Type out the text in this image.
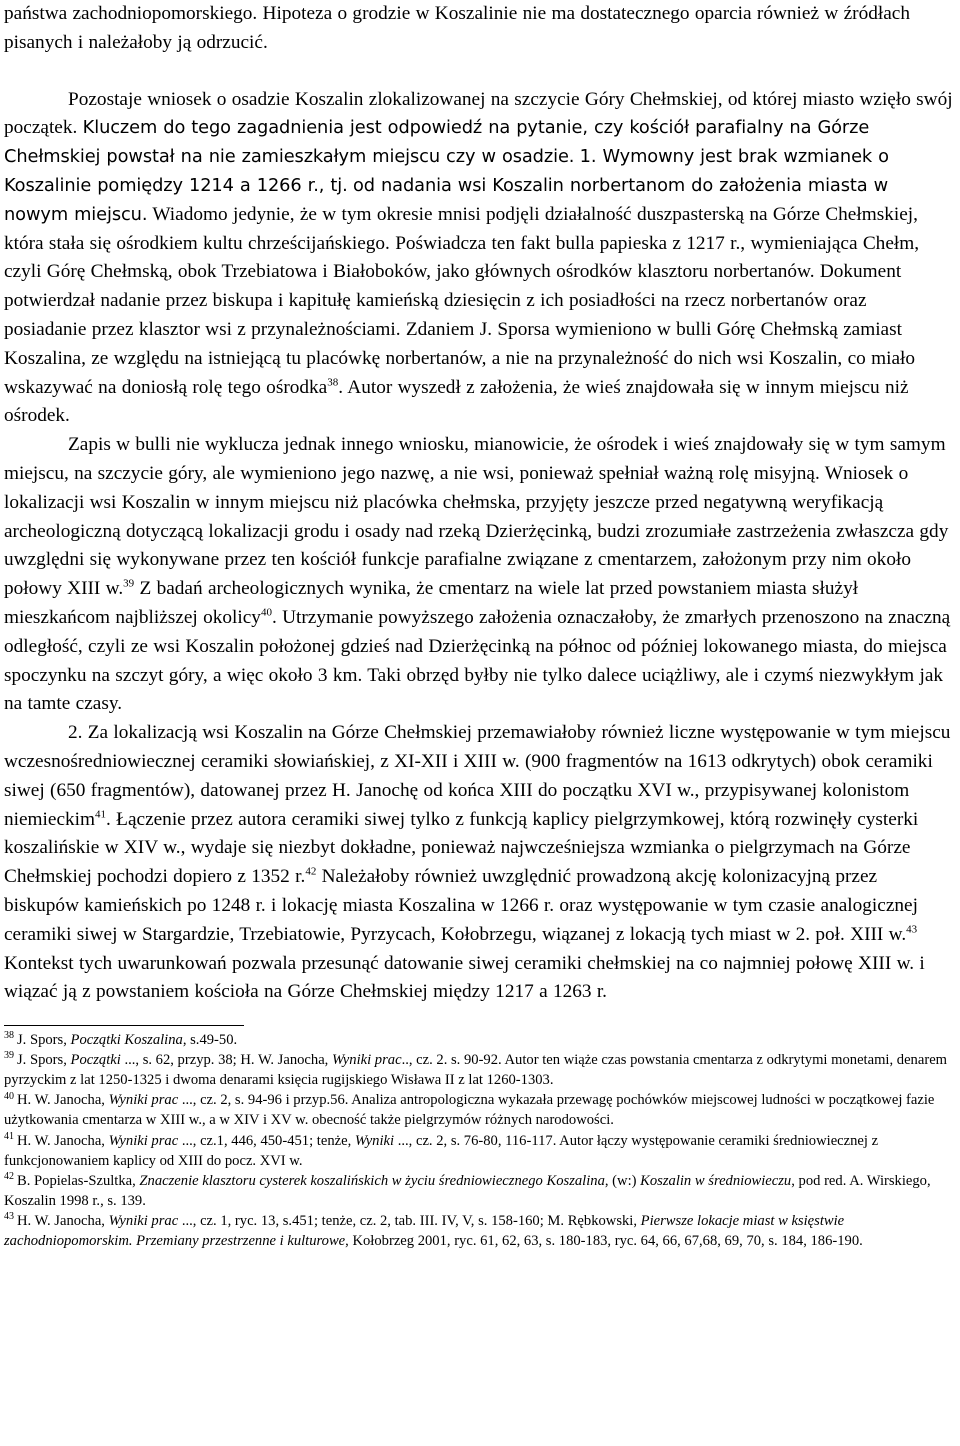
państwa zachodniopomorskiego. Hipoteza o grodzie w Koszalinie nie ma dostatecznego oparcia również w źródłach pisanych i należałoby ją odrzucić.

Pozostaje wniosek o osadzie Koszalin zlokalizowanej na szczycie Góry Chełmskiej, od której miasto wzięło swój początek. Kluczem do tego zagadnienia jest odpowiedź na pytanie, czy kościół parafialny na Górze Chełmskiej powstał na nie zamieszkałym miejscu czy w osadzie. 1. Wymowny jest brak wzmianek o Koszalinie pomiędzy 1214 a 1266 r., tj. od nadania wsi Koszalin norbertanom do założenia miasta w nowym miejscu. Wiadomo jedynie, że w tym okresie mnisi podjęli działalność duszpasterską na Górze Chełmskiej, która stała się ośrodkiem kultu chrześcijańskiego. Poświadcza ten fakt bulla papieska z 1217 r., wymieniająca Chełm, czyli Górę Chełmską, obok Trzebiatowa i Białoboków, jako głównych ośrodków klasztoru norbertanów. Dokument potwierdzał nadanie przez biskupa i kapitułę kamieńską dziesięcin z ich posiadłości na rzecz norbertanów oraz posiadanie przez klasztor wsi z przynależnościami. Zdaniem J. Sporsa wymieniono w bulli Górę Chełmską zamiast Koszalina, ze względu na istniejącą tu placówkę norbertanów, a nie na przynależność do nich wsi Koszalin, co miało wskazywać na doniosłą rolę tego ośrodka$^{38}$. Autor wyszedł z założenia, że wieś znajdowała się w innym miejscu niż ośrodek.

Zapis w bulli nie wyklucza jednak innego wniosku, mianowicie, że ośrodek i wieś znajdowały się w tym samym miejscu, na szczycie góry, ale wymieniono jego nazwę, a nie wsi, ponieważ spełniał ważną rolę misyjną. Wniosek o lokalizacji wsi Koszalin w innym miejscu niż placówka chełmska, przyjęty jeszcze przed negatywną weryfikacją archeologiczną dotyczącą lokalizacji grodu i osady nad rzeką Dzierżęcinką, budzi zrozumiałe zastrzeżenia zwłaszcza gdy uwzględni się wykonywane przez ten kościół funkcje parafialne związane z cmentarzem, założonym przy nim około połowy XIII w.$^{39}$ Z badań archeologicznych wynika, że cmentarz na wiele lat przed powstaniem miasta służył mieszkańcom najbliższej okolicy$^{40}$. Utrzymanie powyższego założenia oznaczałoby, że zmarłych przenoszono na znaczną odległość, czyli ze wsi Koszalin położonej gdzieś nad Dzierżęcinką na północ od później lokowanego miasta, do miejsca spoczynku na szczyt góry, a więc około 3 km. Taki obrzęd byłby nie tylko dalece uciążliwy, ale i czymś niezwykłym jak na tamte czasy.

2. Za lokalizacją wsi Koszalin na Górze Chełmskiej przemawiałoby również liczne występowanie w tym miejscu wczesnośredniowiecznej ceramiki słowiańskiej, z XI-XII i XIII w. (900 fragmentów na 1613 odkrytych) obok ceramiki siwej (650 fragmentów), datowanej przez H. Janochę od końca XIII do początku XVI w., przypisywanej kolonistom niemieckim$^{41}$. Łączenie przez autora ceramiki siwej tylko z funkcją kaplicy pielgrzymkowej, którą rozwinęły cysterki koszalińskie w XIV w., wydaje się niezbyt dokładne, ponieważ najwcześniejsza wzmianka o pielgrzymach na Górze Chełmskiej pochodzi dopiero z 1352 r.$^{42}$ Należałoby również uwzględnić prowadzoną akcję kolonizacyjną przez biskupów kamieńskich po 1248 r. i lokację miasta Koszalina w 1266 r. oraz występowanie w tym czasie analogicznej ceramiki siwej w Stargardzie, Trzebiatowie, Pyrzycach, Kołobrzegu, wiązanej z lokacją tych miast w 2. poł. XIII w.$^{43}$ Kontekst tych uwarunkowań pozwala przesunąć datowanie siwej ceramiki chełmskiej na co najmniej połowę XIII w. i wiązać ją z powstaniem kościoła na Górze Chełmskiej między 1217 a 1263 r.

$^{38}$ J. Spors, Początki Koszalina, s.49-50.

$^{39}$ J. Spors, Początki ..., s. 62, przyp. 38; H. W. Janocha, Wyniki prac.., cz. 2. s. 90-92. Autor ten wiąże czas powstania cmentarza z odkrytymi monetami, denarem pyrzyckim z lat 1250-1325 i dwoma denarami księcia rugijskiego Wisława II z lat 1260-1303.

$^{40}$ H. W. Janocha, Wyniki prac ..., cz. 2, s. 94-96 i przyp.56. Analiza antropologiczna wykazała przewagę pochówków miejscowej ludności w początkowej fazie użytkowania cmentarza w XIII w., a w XIV i XV w. obecność także pielgrzymów różnych narodowości.

$^{41}$ H. W. Janocha, Wyniki prac ..., cz.1, 446, 450-451; tenże, Wyniki ..., cz. 2, s. 76-80, 116-117. Autor łączy występowanie ceramiki średniowiecznej z funkcjonowaniem kaplicy od XIII do pocz. XVI w.

$^{42}$ B. Popielas-Szultka, Znaczenie klasztoru cysterek koszalińskich w życiu średniowiecznego Koszalina, (w:) Koszalin w średniowieczu, pod red. A. Wirskiego, Koszalin 1998 r., s. 139.

$^{43}$ H. W. Janocha, Wyniki prac ..., cz. 1, ryc. 13, s.451; tenże, cz. 2, tab. III. IV, V, s. 158-160; M. Rębkowski, Pierwsze lokacje miast w księstwie zachodniopomorskim. Przemiany przestrzenne i kulturowe, Kołobrzeg 2001, ryc. 61, 62, 63, s. 180-183, ryc. 64, 66, 67,68, 69, 70, s. 184, 186-190.
